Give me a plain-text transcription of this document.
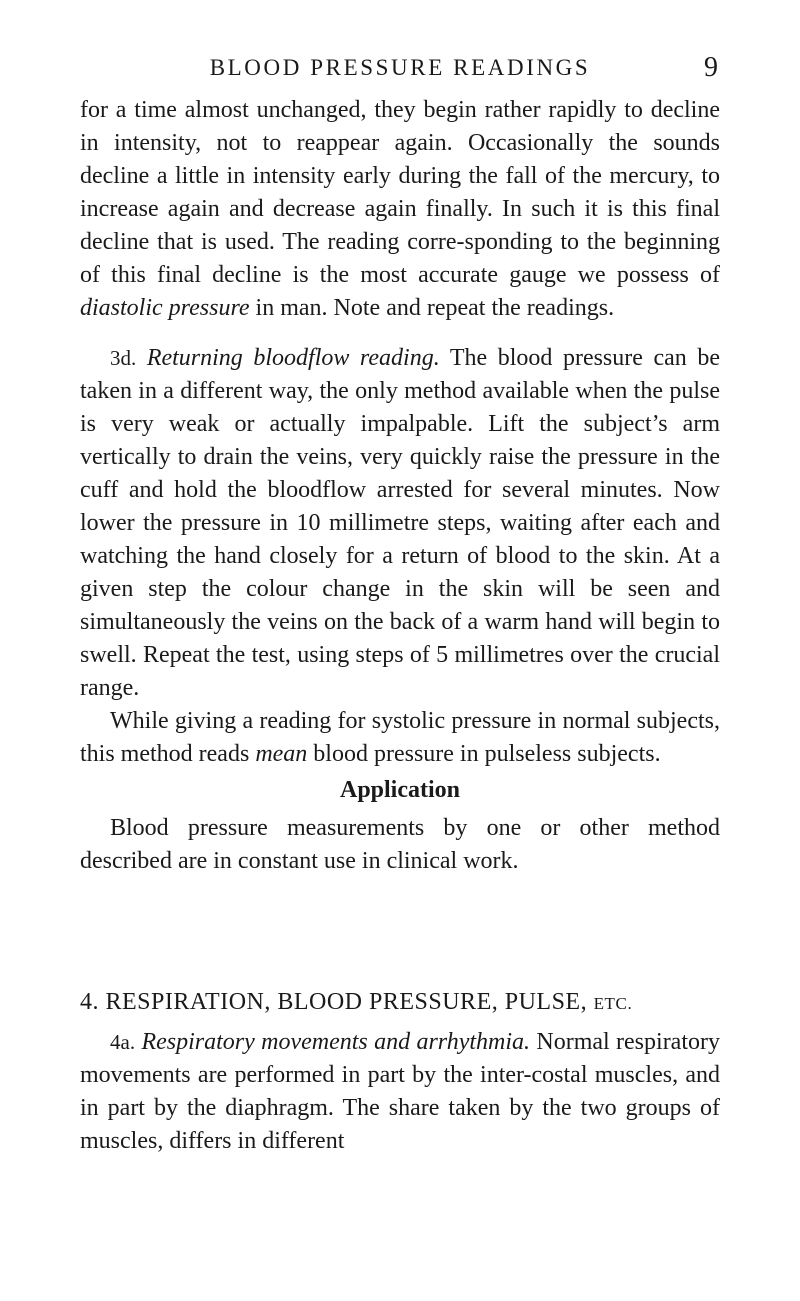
BLOOD PRESSURE READINGS	9

for a time almost unchanged, they begin rather rapidly to decline in intensity, not to reappear again. Occasionally the sounds decline a little in intensity early during the fall of the mercury, to increase again and decrease again finally. In such it is this final decline that is used. The reading corre-sponding to the beginning of this final decline is the most accurate gauge we possess of diastolic pressure in man. Note and repeat the readings.

3d. Returning bloodflow reading. The blood pressure can be taken in a different way, the only method available when the pulse is very weak or actually impalpable. Lift the subject’s arm vertically to drain the veins, very quickly raise the pressure in the cuff and hold the bloodflow arrested for several minutes. Now lower the pressure in 10 millimetre steps, waiting after each and watching the hand closely for a return of blood to the skin. At a given step the colour change in the skin will be seen and simultaneously the veins on the back of a warm hand will begin to swell. Repeat the test, using steps of 5 millimetres over the crucial range.

While giving a reading for systolic pressure in normal subjects, this method reads mean blood pressure in pulseless subjects.

Application

Blood pressure measurements by one or other method described are in constant use in clinical work.

4. RESPIRATION, BLOOD PRESSURE, PULSE, ETC.

4a. Respiratory movements and arrhythmia. Normal respiratory movements are performed in part by the inter-costal muscles, and in part by the diaphragm. The share taken by the two groups of muscles, differs in different
